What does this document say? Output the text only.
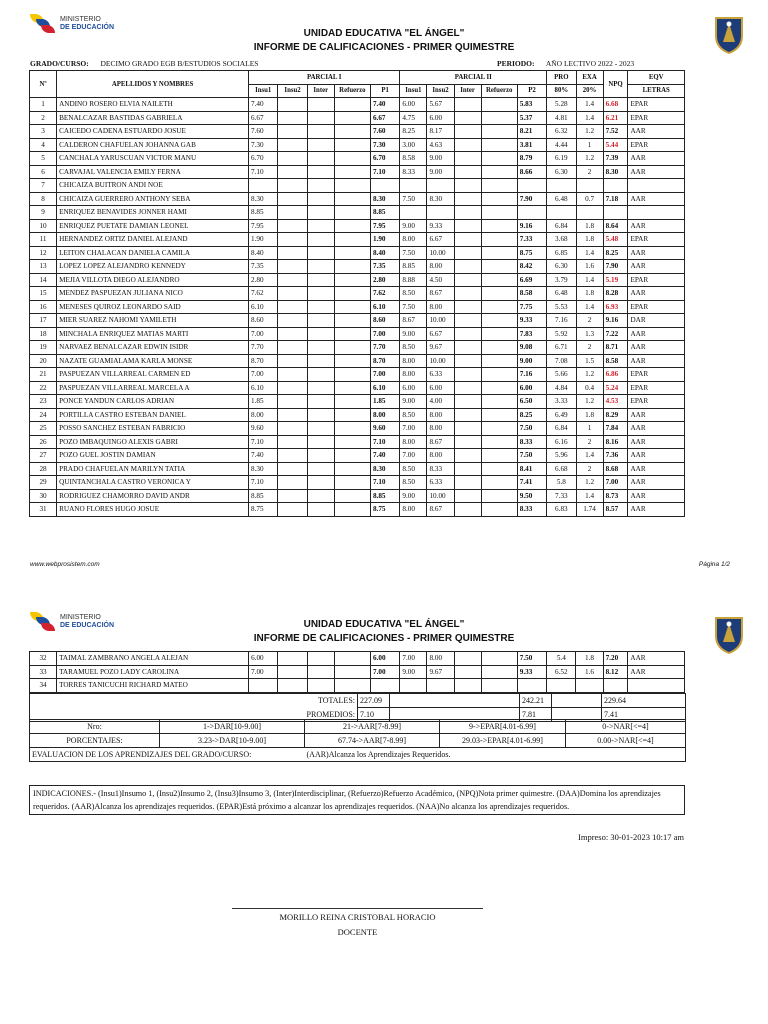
MINISTERIO
DE EDUCACIÓN
UNIDAD EDUCATIVA "EL ÁNGEL"
INFORME DE CALIFICACIONES - PRIMER QUIMESTRE
GRADO/CURSO: DECIMO GRADO EGB B/ESTUDIOS SOCIALES	PERIODO: AÑO LECTIVO 2022 - 2023
Nº	APELLIDOS Y NOMBRES	PARCIAL I					PARCIAL II					PRO	EXA	NPQ	EQV
		Insu1	Insu2	Inter	Refuerzo	P1	Insu1	Insu2	Inter	Refuerzo	P2	80%	20%		LETRAS
1	ANDINO ROSERO ELVIA NAILETH	7.40				7.40	6.00	5.67			5.83	5.28	1.4	6.68	EPAR
2	BENALCAZAR BASTIDAS GABRIELA	6.67				6.67	4.75	6.00			5.37	4.81	1.4	6.21	EPAR
3	CAICEDO CADENA ESTUARDO JOSUE	7.60				7.60	8.25	8.17			8.21	6.32	1.2	7.52	AAR
4	CALDERON CHAFUELAN JOHANNA GAB	7.30				7.30	3.00	4.63			3.81	4.44	1	5.44	EPAR
5	CANCHALA YARUSCUAN VICTOR MANU	6.70				6.70	8.58	9.00			8.79	6.19	1.2	7.39	AAR
6	CARVAJAL VALENCIA EMILY FERNA	7.10				7.10	8.33	9.00			8.66	6.30	2	8.30	AAR
7	CHICAIZA BUITRON ANDI NOE														
8	CHICAIZA GUERRERO ANTHONY SEBA	8.30				8.30	7.50	8.30			7.90	6.48	0.7	7.18	AAR
9	ENRIQUEZ BENAVIDES JONNER HAMI	8.85				8.85									
10	ENRIQUEZ PUETATE DAMIAN LEONEL	7.95				7.95	9.00	9.33			9.16	6.84	1.8	8.64	AAR
11	HERNANDEZ ORTIZ DANIEL ALEJAND	1.90				1.90	8.00	6.67			7.33	3.68	1.8	5.48	EPAR
12	LEITON CHALACAN DANIELA CAMILA	8.40				8.40	7.50	10.00			8.75	6.85	1.4	8.25	AAR
13	LOPEZ LOPEZ ALEJANDRO KENNEDY	7.35				7.35	8.85	8.00			8.42	6.30	1.6	7.90	AAR
14	MEJIA VILLOTA DIEGO ALEJANDRO	2.80				2.80	8.88	4.50			6.69	3.79	1.4	5.19	EPAR
15	MENDEZ PASPUEZAN JULIANA NICO	7.62				7.62	8.50	8.67			8.58	6.48	1.8	8.28	AAR
16	MENESES QUIROZ LEONARDO SAID	6.10				6.10	7.50	8.00			7.75	5.53	1.4	6.93	EPAR
17	MIER SUAREZ NAHOMI YAMILETH	8.60				8.60	8.67	10.00			9.33	7.16	2	9.16	DAR
18	MINCHALA ENRIQUEZ MATIAS MARTI	7.00				7.00	9.00	6.67			7.83	5.92	1.3	7.22	AAR
19	NARVAEZ BENALCAZAR EDWIN ISIDR	7.70				7.70	8.50	9.67			9.08	6.71	2	8.71	AAR
20	NAZATE GUAMIALAMA KARLA MONSE	8.70				8.70	8.00	10.00			9.00	7.08	1.5	8.58	AAR
21	PASPUEZAN VILLARREAL CARMEN ED	7.00				7.00	8.00	6.33			7.16	5.66	1.2	6.86	EPAR
22	PASPUEZAN VILLARREAL MARCELA A	6.10				6.10	6.00	6.00			6.00	4.84	0.4	5.24	EPAR
23	PONCE YANDUN CARLOS ADRIAN	1.85				1.85	9.00	4.00			6.50	3.33	1.2	4.53	EPAR
24	PORTILLA CASTRO ESTEBAN DANIEL	8.00				8.00	8.50	8.00			8.25	6.49	1.8	8.29	AAR
25	POSSO SANCHEZ ESTEBAN FABRICIO	9.60				9.60	7.00	8.00			7.50	6.84	1	7.84	AAR
26	POZO IMBAQUINGO ALEXIS GABRI	7.10				7.10	8.00	8.67			8.33	6.16	2	8.16	AAR
27	POZO GUEL JOSTIN DAMIAN	7.40				7.40	7.00	8.00			7.50	5.96	1.4	7.36	AAR
28	PRADO CHAFUELAN MARILYN TATIA	8.30				8.30	8.50	8.33			8.41	6.68	2	8.68	AAR
29	QUINTANCHALA CASTRO VERONICA Y	7.10				7.10	8.50	6.33			7.41	5.8	1.2	7.00	AAR
30	RODRIGUEZ CHAMORRO DAVID ANDR	8.85				8.85	9.00	10.00			9.50	7.33	1.4	8.73	AAR
31	RUANO FLORES HUGO JOSUE	8.75				8.75	8.00	8.67			8.33	6.83	1.74	8.57	AAR
www.webprosistem.com	Página 1/2
MINISTERIO
DE EDUCACIÓN	UNIDAD EDUCATIVA "EL ÁNGEL"
INFORME DE CALIFICACIONES - PRIMER QUIMESTRE
32	TAIMAL ZAMBRANO ANGELA ALEJAN	6.00				6.00	7.00	8.00			7.50	5.4	1.8	7.20	AAR
33	TARAMUEL POZO LADY CAROLINA	7.00				7.00	9.00	9.67			9.33	6.52	1.6	8.12	AAR
34	TORRES TANICUCHI RICHARD MATEO														
TOTALES:	227.09		242.21		229.64
PROMEDIOS:	7.10		7.81		7.41
Nro:	1->DAR[10-9.00]	21->AAR[7-8.99]	9->EPAR[4.01-6.99]	0->NAR[<=4]
PORCENTAJES:	3.23->DAR[10-9.00]	67.74->AAR[7-8.99]	29.03->EPAR[4.01-6.99]	0.00->NAR[<=4]
EVALUACION DE LOS APRENDIZAJES DEL GRADO/CURSO:		(AAR)Alcanza los Aprendizajes Requeridos.		
INDICACIONES.- (Insu1)Insumo 1, (Insu2)Insumo 2, (Insu3)Insumo 3, (Inter)Interdisciplinar, (Refuerzo)Refuerzo Académico, (NPQ)Nota primer quimestre. (DAA)Domina los aprendizajes requeridos. (AAR)Alcanza los aprendizajes requeridos. (EPAR)Está próximo a alcanzar los aprendizajes requeridos. (NAA)No alcanza los aprendizajes requeridos.
Impreso: 30-01-2023 10:17 am
MORILLO REINA CRISTOBAL HORACIO
DOCENTE
